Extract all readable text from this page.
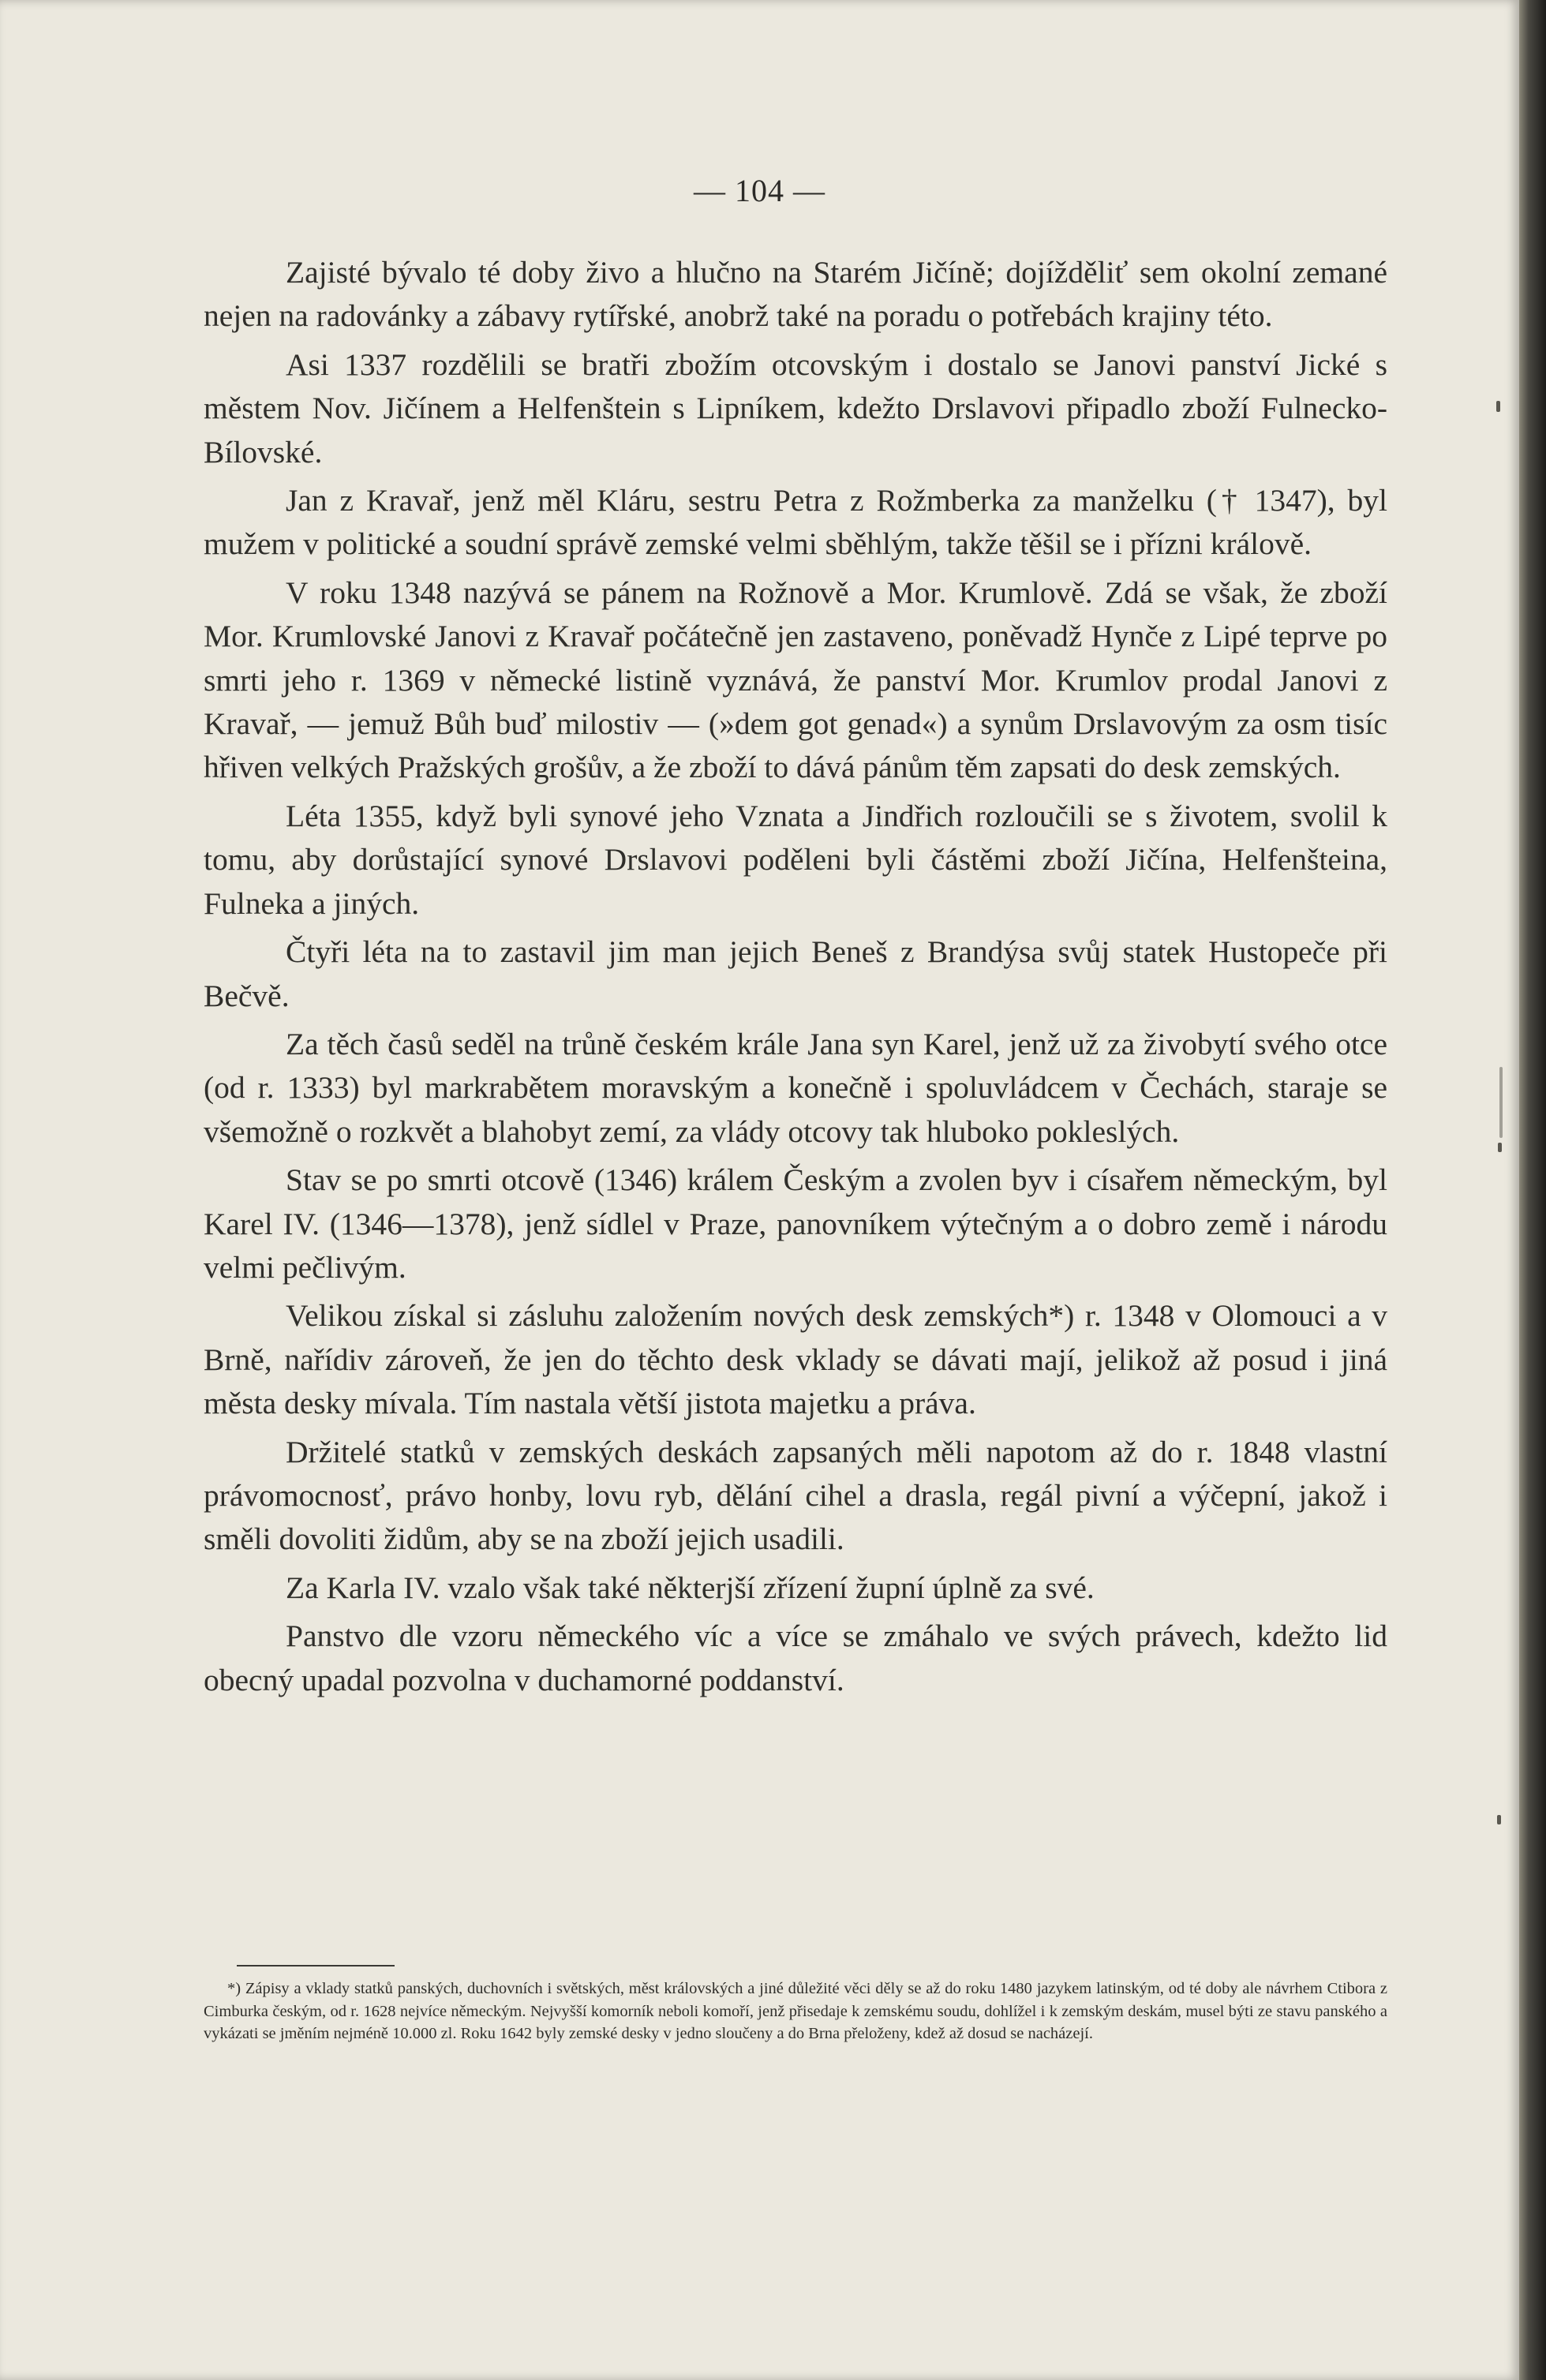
— 104 —

Zajisté bývalo té doby živo a hlučno na Starém Jičíně; dojížděliť sem okolní zemané nejen na radovánky a zábavy rytířské, anobrž také na poradu o potřebách krajiny této.

Asi 1337 rozdělili se bratři zbožím otcovským i dostalo se Janovi panství Jické s městem Nov. Jičínem a Helfenštein s Lipníkem, kdežto Drslavovi připadlo zboží Fulnecko-Bílovské.

Jan z Kravař, jenž měl Kláru, sestru Petra z Rožmberka za manželku († 1347), byl mužem v politické a soudní správě zemské velmi sběhlým, takže těšil se i přízni králově.

V roku 1348 nazývá se pánem na Rožnově a Mor. Krumlově. Zdá se však, že zboží Mor. Krumlovské Janovi z Kravař počátečně jen zastaveno, poněvadž Hynče z Lipé teprve po smrti jeho r. 1369 v německé listině vyznává, že panství Mor. Krumlov prodal Janovi z Kravař, — jemuž Bůh buď milostiv — (»dem got genad«) a synům Drslavovým za osm tisíc hřiven velkých Pražských grošův, a že zboží to dává pánům těm zapsati do desk zemských.

Léta 1355, když byli synové jeho Vznata a Jindřich rozloučili se s životem, svolil k tomu, aby dorůstající synové Drslavovi poděleni byli částěmi zboží Jičína, Helfenšteina, Fulneka a jiných.

Čtyři léta na to zastavil jim man jejich Beneš z Brandýsa svůj statek Hustopeče při Bečvě.

Za těch časů seděl na trůně českém krále Jana syn Karel, jenž už za živobytí svého otce (od r. 1333) byl markrabětem moravským a konečně i spoluvládcem v Čechách, staraje se všemožně o rozkvět a blahobyt zemí, za vlády otcovy tak hluboko pokleslých.

Stav se po smrti otcově (1346) králem Českým a zvolen byv i císařem německým, byl Karel IV. (1346—1378), jenž sídlel v Praze, panovníkem výtečným a o dobro země i národu velmi pečlivým.

Velikou získal si zásluhu založením nových desk zemských*) r. 1348 v Olomouci a v Brně, nařídiv zároveň, že jen do těchto desk vklady se dávati mají, jelikož až posud i jiná města desky mívala. Tím nastala větší jistota majetku a práva.

Držitelé statků v zemských deskách zapsaných měli napotom až do r. 1848 vlastní právomocnosť, právo honby, lovu ryb, dělání cihel a drasla, regál pivní a výčepní, jakož i směli dovoliti židům, aby se na zboží jejich usadili.

Za Karla IV. vzalo však také některjší zřízení župní úplně za své.

Panstvo dle vzoru německého víc a více se zmáhalo ve svých právech, kdežto lid obecný upadal pozvolna v duchamorné poddanství.

*) Zápisy a vklady statků panských, duchovních i světských, měst královských a jiné důležité věci děly se až do roku 1480 jazykem latinským, od té doby ale návrhem Ctibora z Cimburka českým, od r. 1628 nejvíce německým. Nejvyšší komorník neboli komoří, jenž přisedaje k zemskému soudu, dohlížel i k zemským deskám, musel býti ze stavu panského a vykázati se jměním nejméně 10.000 zl. Roku 1642 byly zemské desky v jedno sloučeny a do Brna přeloženy, kdež až dosud se nacházejí.
